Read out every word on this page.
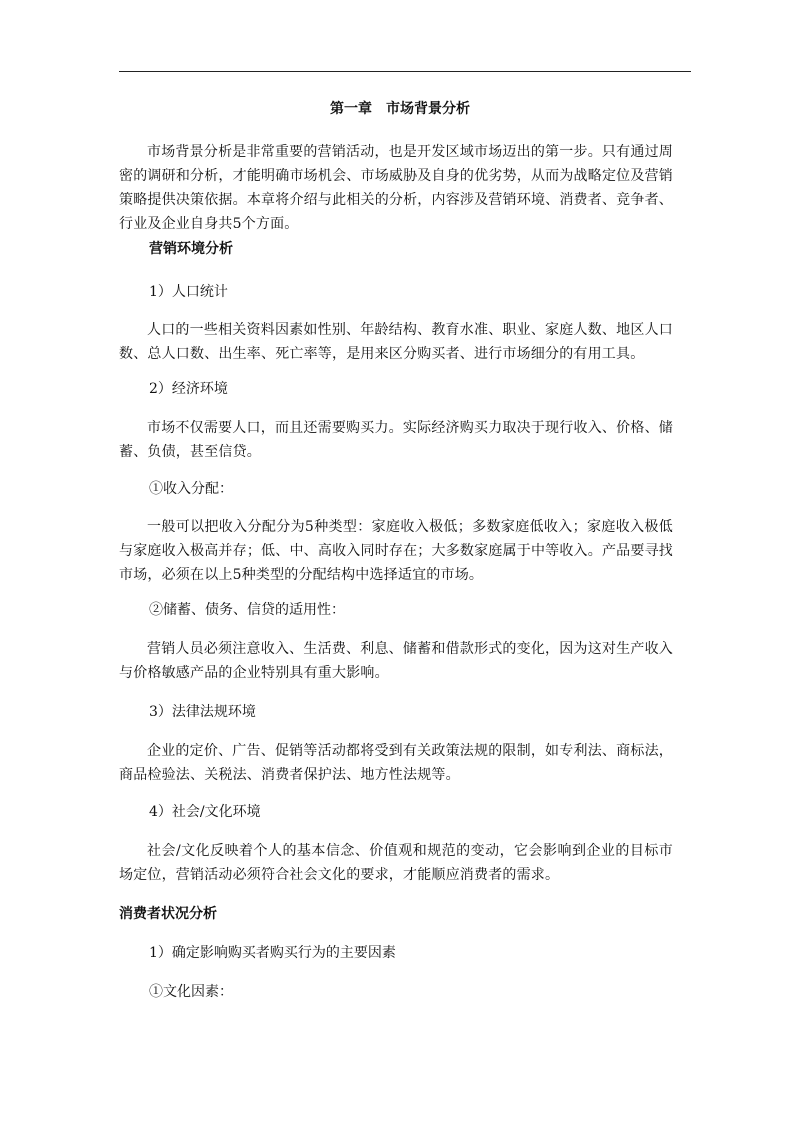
第一章　市场背景分析

市场背景分析是非常重要的营销活动，也是开发区域市场迈出的第一步。只有通过周密的调研和分析，才能明确市场机会、市场威胁及自身的优劣势，从而为战略定位及营销策略提供决策依据。本章将介绍与此相关的分析，内容涉及营销环境、消费者、竞争者、行业及企业自身共5个方面。

营销环境分析

1）人口统计

人口的一些相关资料因素如性别、年龄结构、教育水准、职业、家庭人数、地区人口数、总人口数、出生率、死亡率等，是用来区分购买者、进行市场细分的有用工具。

2）经济环境

市场不仅需要人口，而且还需要购买力。实际经济购买力取决于现行收入、价格、储蓄、负债，甚至信贷。

①收入分配：

一般可以把收入分配分为5种类型：家庭收入极低；多数家庭低收入；家庭收入极低与家庭收入极高并存；低、中、高收入同时存在；大多数家庭属于中等收入。产品要寻找市场，必须在以上5种类型的分配结构中选择适宜的市场。

②储蓄、债务、信贷的适用性：

营销人员必须注意收入、生活费、利息、储蓄和借款形式的变化，因为这对生产收入与价格敏感产品的企业特别具有重大影响。

3）法律法规环境

企业的定价、广告、促销等活动都将受到有关政策法规的限制，如专利法、商标法，商品检验法、关税法、消费者保护法、地方性法规等。

4）社会/文化环境

社会/文化反映着个人的基本信念、价值观和规范的变动，它会影响到企业的目标市场定位，营销活动必须符合社会文化的要求，才能顺应消费者的需求。

消费者状况分析

1）确定影响购买者购买行为的主要因素

①文化因素：
